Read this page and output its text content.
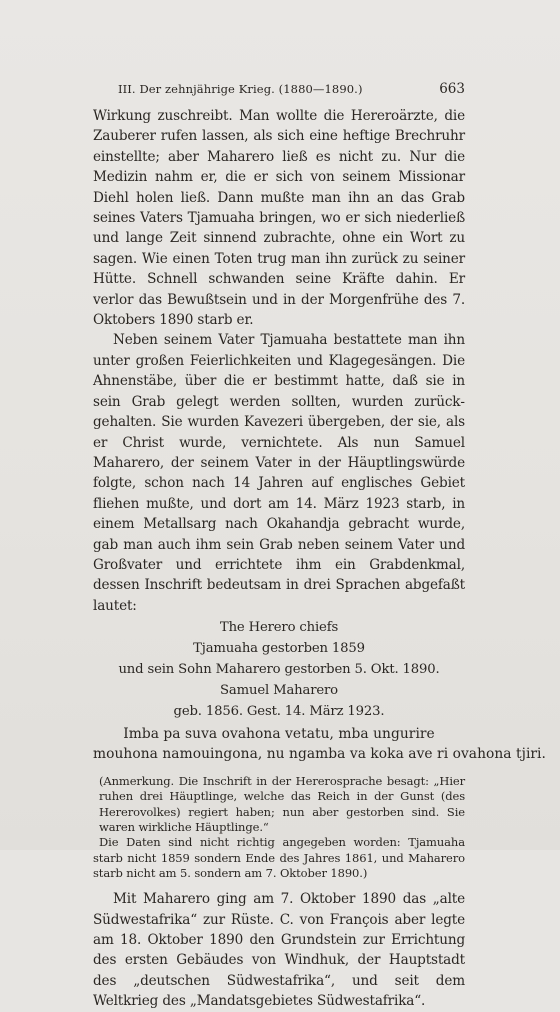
III. Der zehnjährige Krieg. (1880—1890.)	663

Wirkung zuschreibt. Man wollte die Hereroärzte, die Zauberer rufen lassen, als sich eine heftige Brechruhr einstellte; aber Maharero ließ es nicht zu. Nur die Medizin nahm er, die er sich von seinem Missionar Diehl holen ließ. Dann mußte man ihn an das Grab seines Vaters Tjamuaha bringen, wo er sich niederließ und lange Zeit sinnend zubrachte, ohne ein Wort zu sagen. Wie einen Toten trug man ihn zurück zu seiner Hütte. Schnell schwanden seine Kräfte dahin. Er verlor das Bewußtsein und in der Morgenfrühe des 7. Oktobers 1890 starb er.

Neben seinem Vater Tjamuaha bestattete man ihn unter großen Feierlichkeiten und Klagegesängen. Die Ahnenstäbe, über die er bestimmt hatte, daß sie in sein Grab gelegt werden sollten, wurden zurückgehalten. Sie wurden Kavezeri übergeben, der sie, als er Christ wurde, vernichtete. Als nun Samuel Maharero, der seinem Vater in der Häuptlingswürde folgte, schon nach 14 Jahren auf englisches Gebiet fliehen mußte, und dort am 14. März 1923 starb, in einem Metallsarg nach Okahandja gebracht wurde, gab man auch ihm sein Grab neben seinem Vater und Großvater und errichtete ihm ein Grabdenkmal, dessen Inschrift bedeutsam in drei Sprachen abgefaßt lautet:

The Herero chiefs
Tjamuaha gestorben 1859
und sein Sohn Maharero gestorben 5. Okt. 1890.
Samuel Maharero
geb. 1856. Gest. 14. März 1923.
Imba pa suva ovahona vetatu, mba ungurire
mouhona namouingona, nu ngamba va koka ave ri ovahona tjiri.

(Anmerkung. Die Inschrift in der Hererosprache besagt: „Hier ruhen drei Häuptlinge, welche das Reich in der Gunst (des Hererovolkes) regiert haben; nun aber gestorben sind. Sie waren wirkliche Häuptlinge.“

Die Daten sind nicht richtig angegeben worden: Tjamuaha starb nicht 1859 sondern Ende des Jahres 1861, und Maharero starb nicht am 5. sondern am 7. Oktober 1890.)

Mit Maharero ging am 7. Oktober 1890 das „alte Südwestafrika“ zur Rüste. C. von François aber legte am 18. Oktober 1890 den Grundstein zur Errichtung des ersten Gebäudes von Windhuk, der Hauptstadt des „deutschen Südwestafrika“, und seit dem Weltkrieg des „Mandatsgebietes Südwestafrika“.
